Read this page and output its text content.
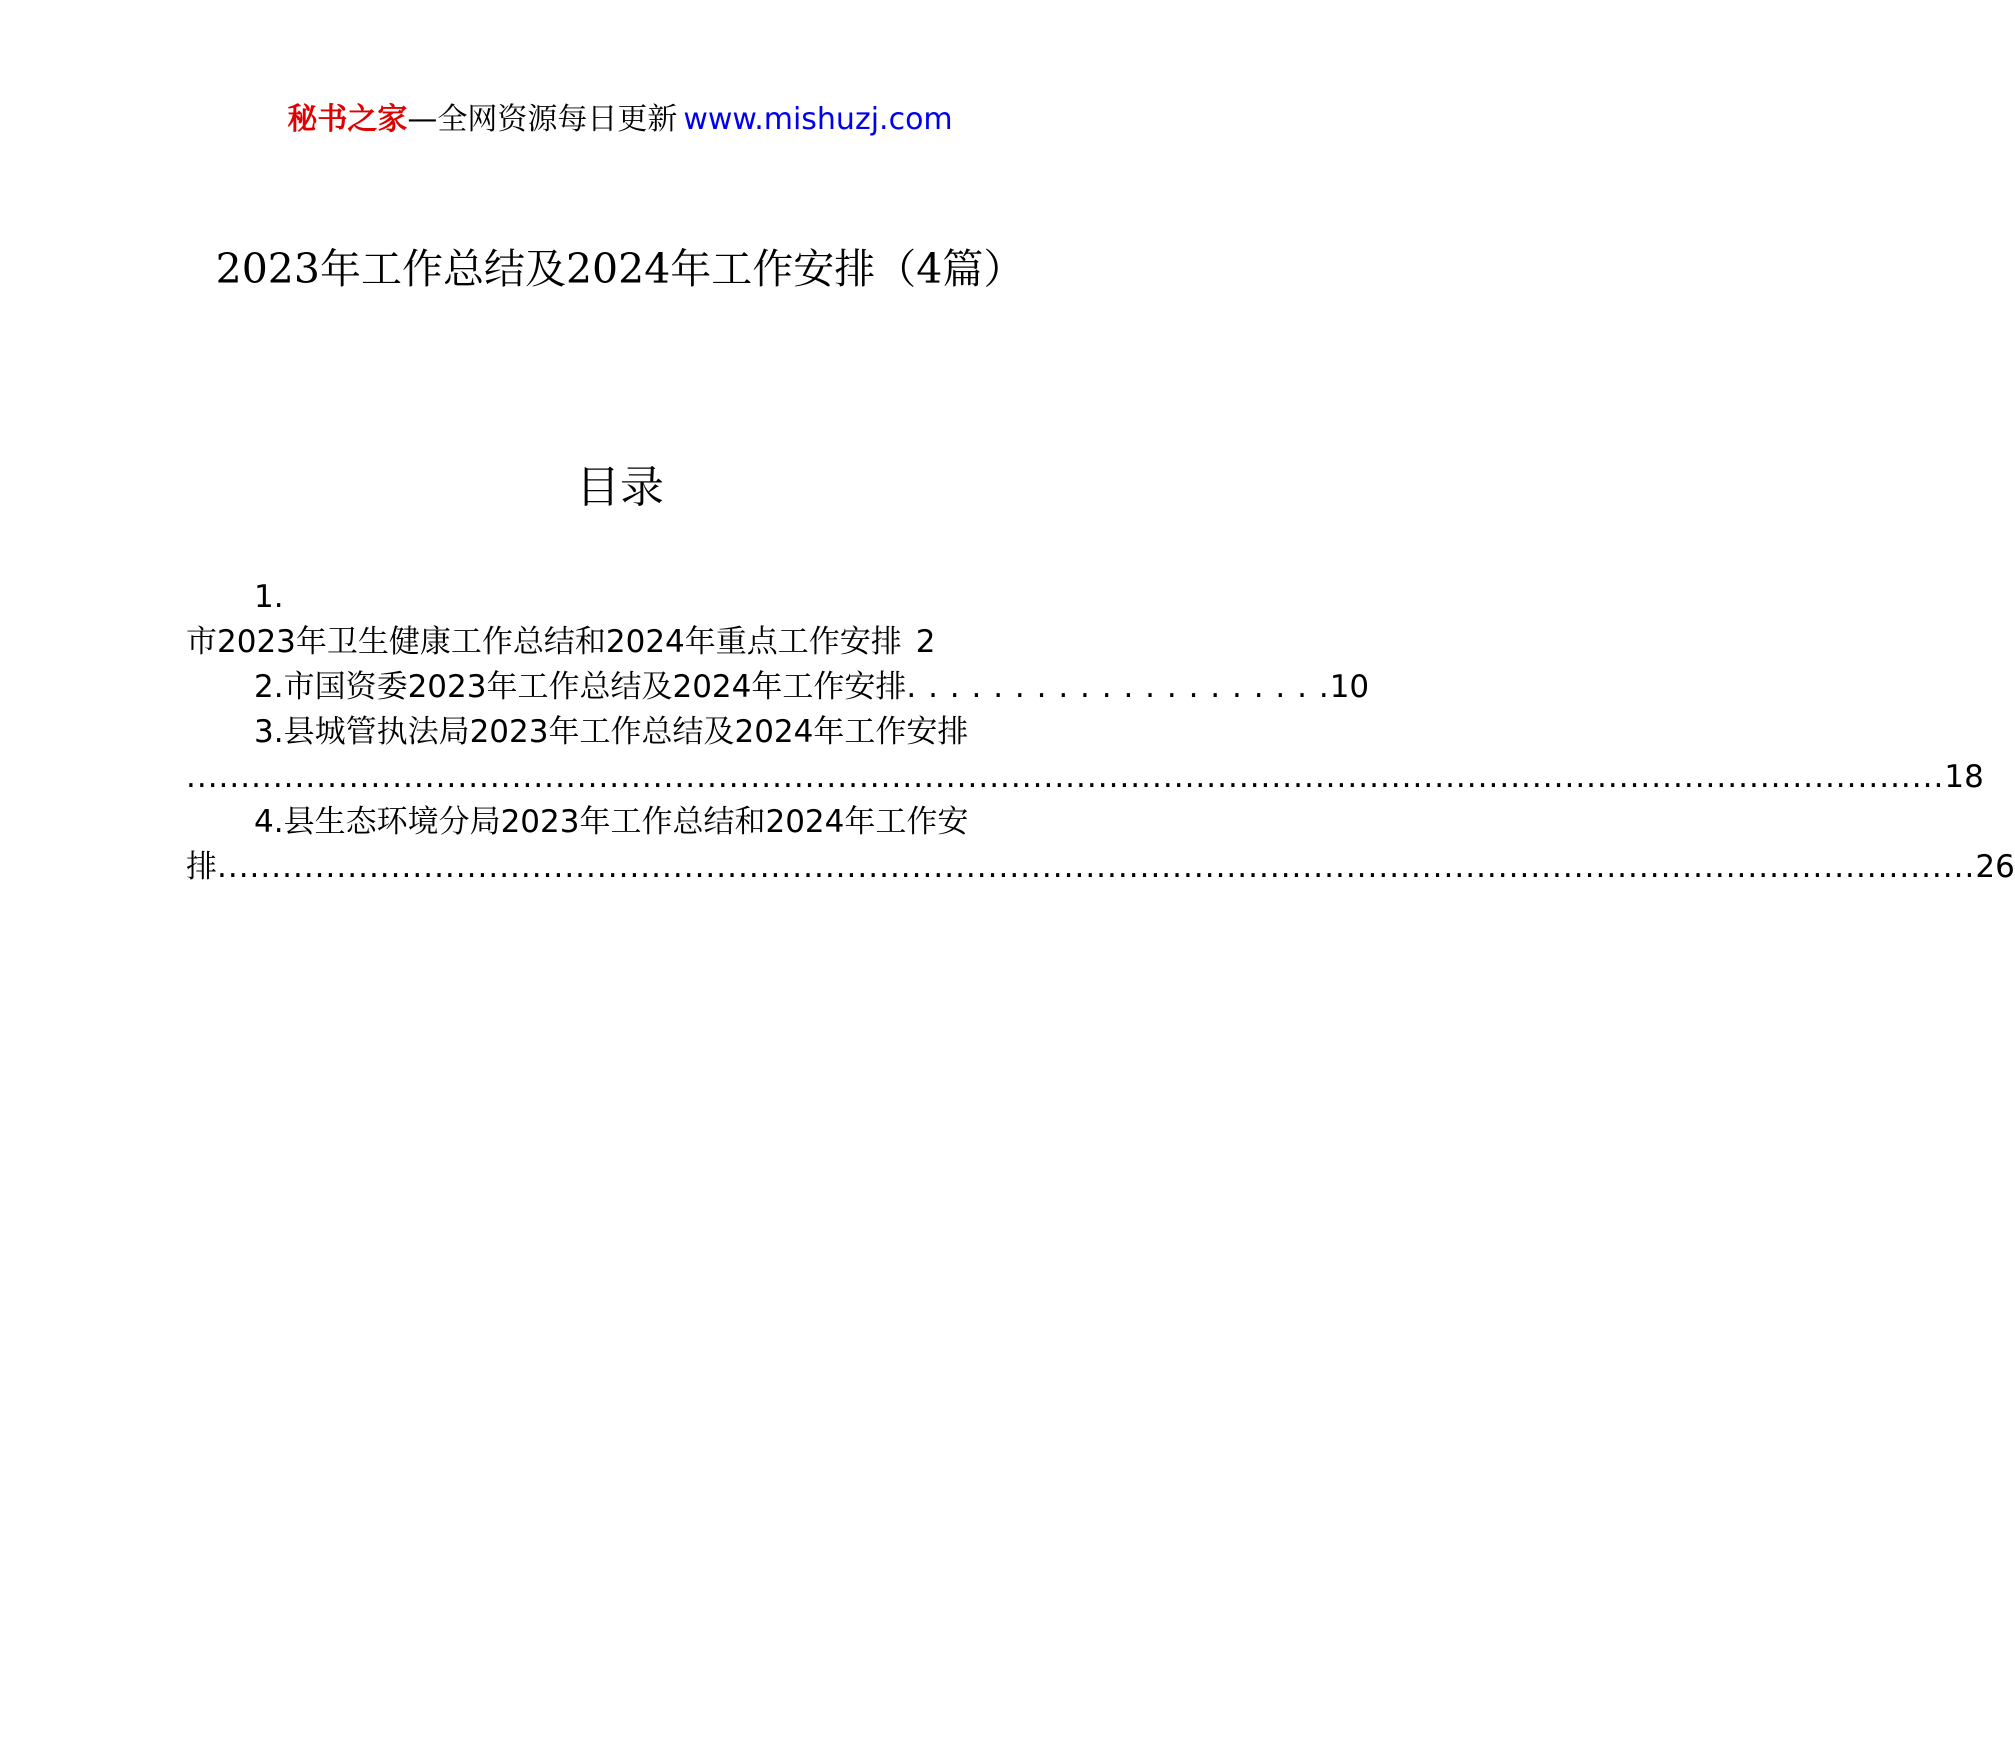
秘书之家—全网资源每日更新 www.mishuzj.com
2023年工作总结及2024年工作安排（4篇）
目录
1.
市2023年卫生健康工作总结和2024年重点工作安排 2
2. 市国资委2023年工作总结及2024年工作安排 . . . . . . . . . . . . . . . . . . . . 10
3. 县城管执法局2023年工作总结及2024年工作安排
.................................................................................................................................................................. 18
4. 县生态环境分局2023年工作总结和2024年工作安
排 .................................................................................................................................................................. 26
